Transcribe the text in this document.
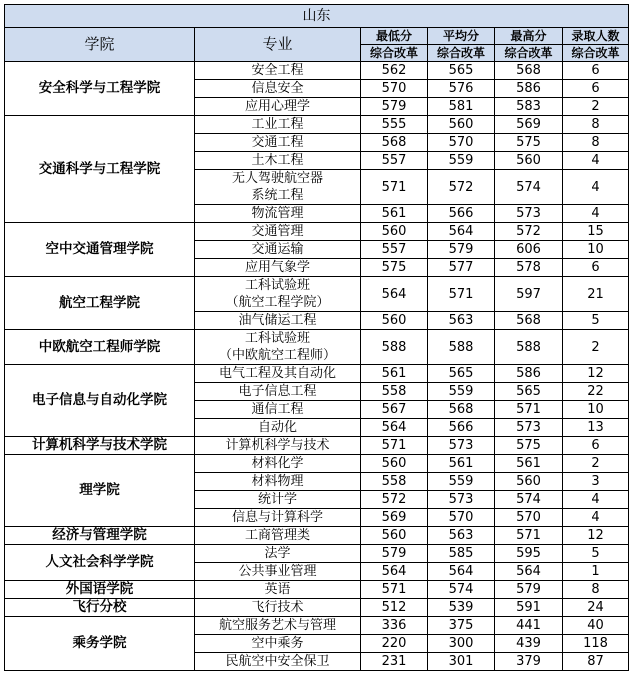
山东					
学院	专业	最低分	平均分	最高分	录取人数
		综合改革	综合改革	综合改革	综合改革
安全科学与工程学院	安全工程	562	565	568	6

	信息安全	570	576	586	6

	应用心理学	579	581	583	2
交通科学与工程学院	工业工程	555	560	569	8

	交通工程	568	570	575	8

	土木工程	557	559	560	4

	无人驾驶航空器
系统工程	571	572	574	4

	物流管理	561	566	573	4
空中交通管理学院	交通管理	560	564	572	15

	交通运输	557	579	606	10

	应用气象学	575	577	578	6
航空工程学院	工科试验班
（航空工程学院）	564	571	597	21

	油气储运工程	560	563	568	5
中欧航空工程师学院	工科试验班
（中欧航空工程师）	588	588	588	2
电子信息与自动化学院	电气工程及其自动化	561	565	586	12

	电子信息工程	558	559	565	22

	通信工程	567	568	571	10

	自动化	564	566	573	13
计算机科学与技术学院	计算机科学与技术	571	573	575	6
理学院	材料化学	560	561	561	2

	材料物理	558	559	560	3

	统计学	572	573	574	4

	信息与计算科学	569	570	570	4
经济与管理学院	工商管理类	560	563	571	12
人文社会科学学院	法学	579	585	595	5

	公共事业管理	564	564	564	1
外国语学院	英语	571	574	579	8
飞行分校	飞行技术	512	539	591	24
乘务学院	航空服务艺术与管理	336	375	441	40

	空中乘务	220	300	439	118

	民航空中安全保卫	231	301	379	87
